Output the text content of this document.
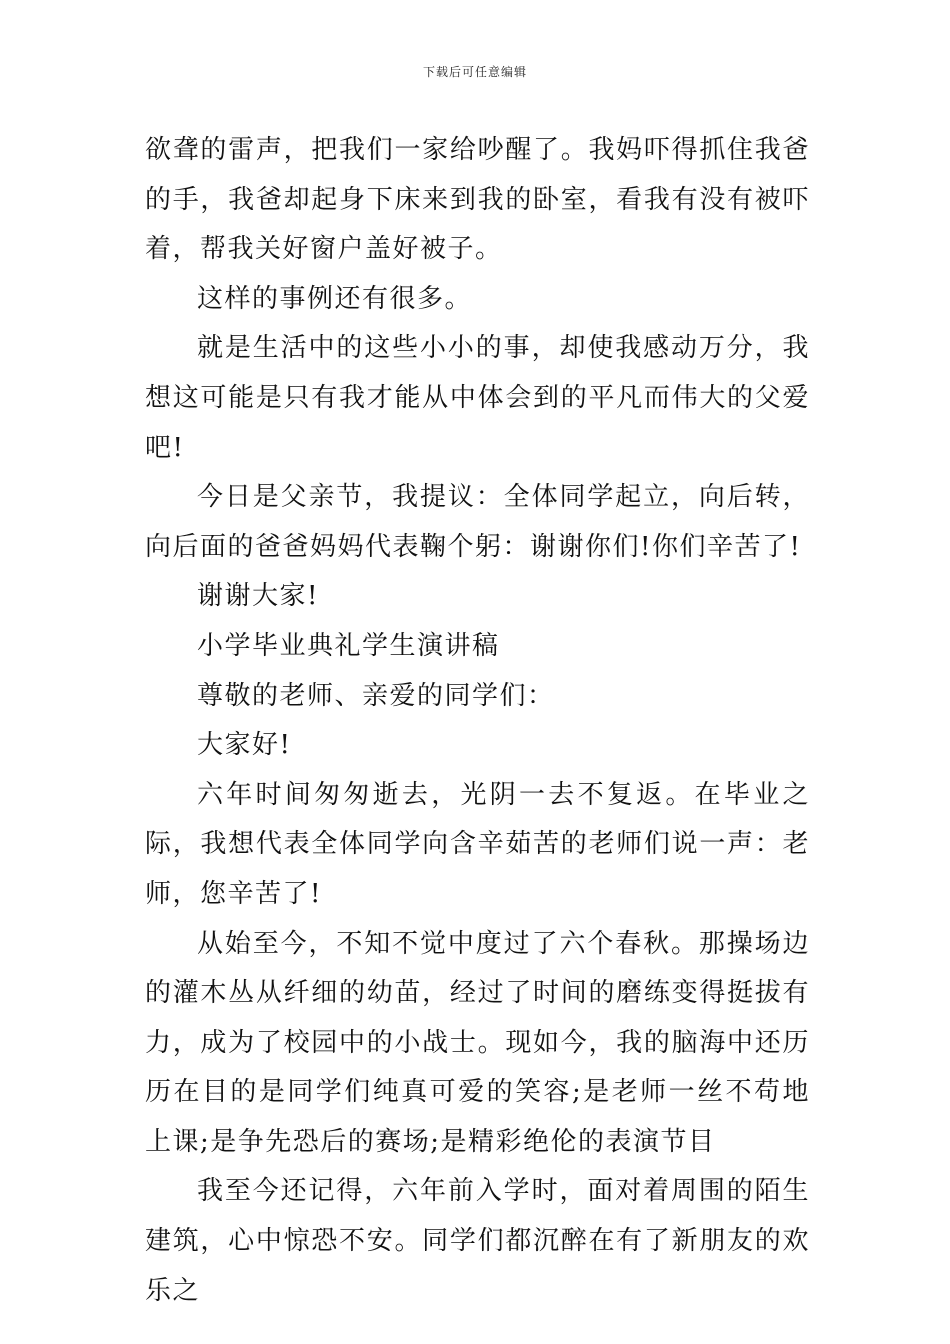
下载后可任意编辑

欲聋的雷声，把我们一家给吵醒了。我妈吓得抓住我爸的手，我爸却起身下床来到我的卧室，看我有没有被吓着，帮我关好窗户盖好被子。

这样的事例还有很多。

就是生活中的这些小小的事，却使我感动万分，我想这可能是只有我才能从中体会到的平凡而伟大的父爱吧!

今日是父亲节，我提议：全体同学起立，向后转，向后面的爸爸妈妈代表鞠个躬：谢谢你们!你们辛苦了!

谢谢大家!

小学毕业典礼学生演讲稿

尊敬的老师、亲爱的同学们：

大家好!

六年时间匆匆逝去，光阴一去不复返。在毕业之际，我想代表全体同学向含辛茹苦的老师们说一声：老师，您辛苦了!

从始至今，不知不觉中度过了六个春秋。那操场边的灌木丛从纤细的幼苗，经过了时间的磨练变得挺拔有力，成为了校园中的小战士。现如今，我的脑海中还历历在目的是同学们纯真可爱的笑容;是老师一丝不苟地上课;是争先恐后的赛场;是精彩绝伦的表演节目

我至今还记得，六年前入学时，面对着周围的陌生建筑，心中惊恐不安。同学们都沉醉在有了新朋友的欢乐之
